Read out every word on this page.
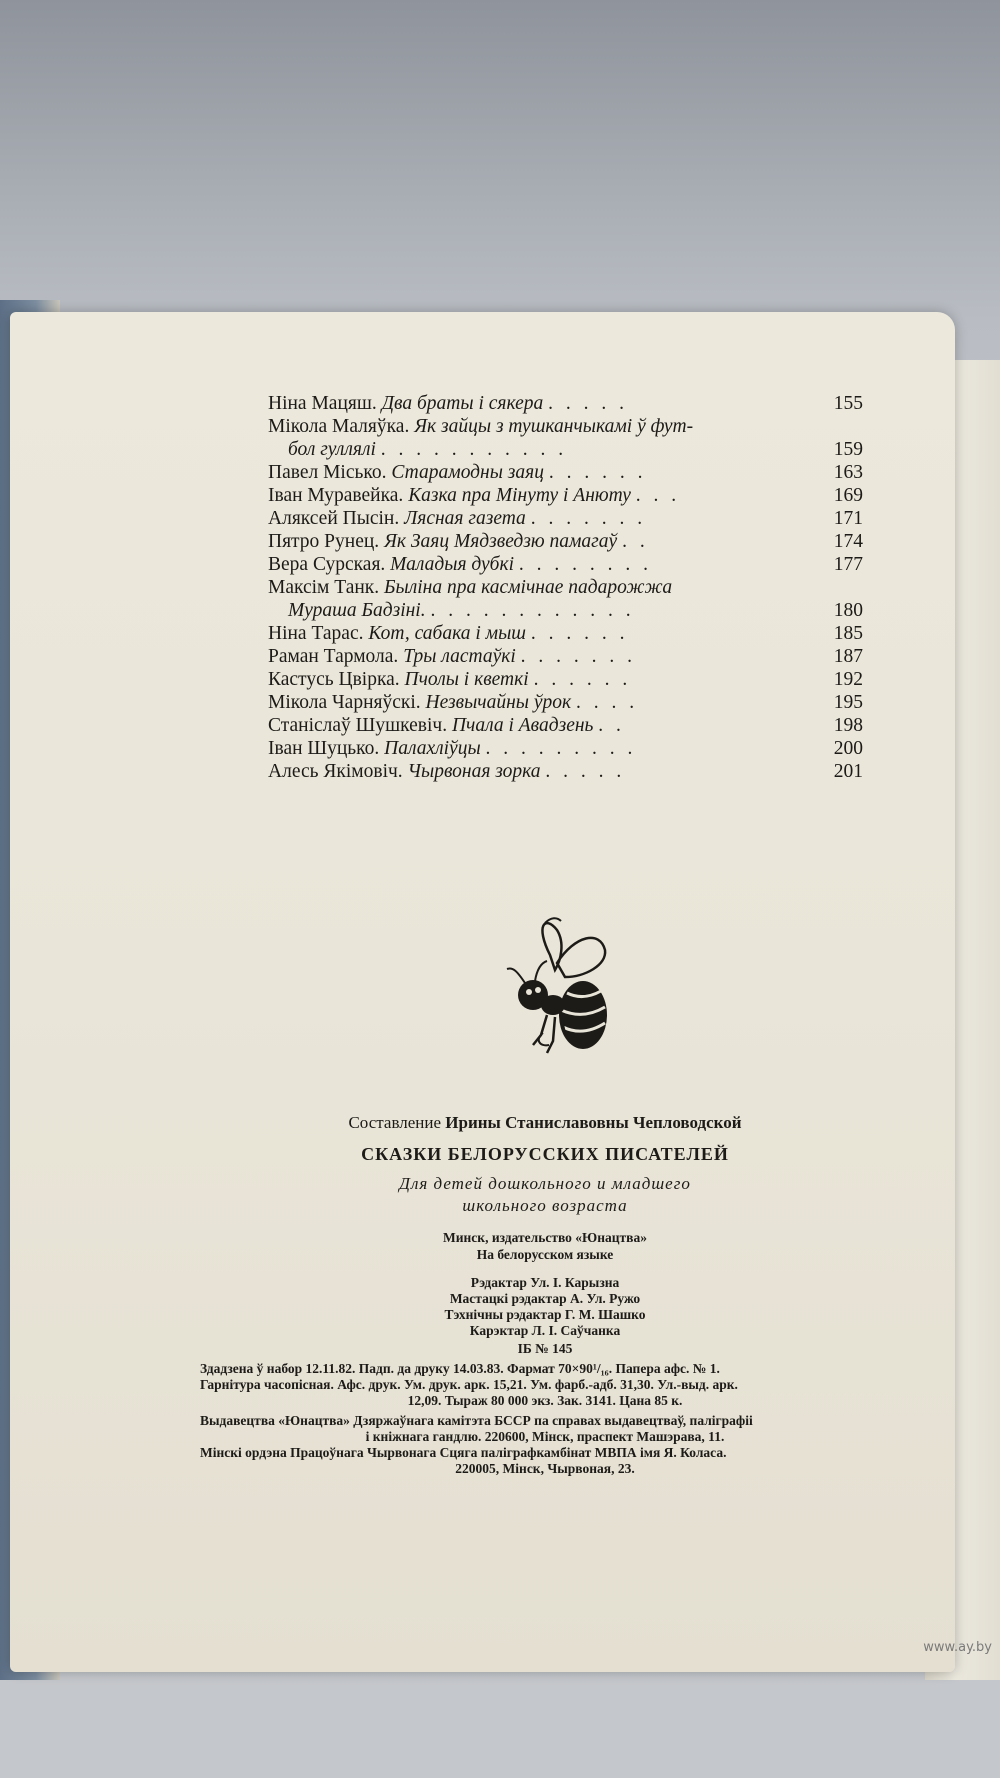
Ніна Мацяш. Два браты і сякера . . . . .	155
Мікола Маляўка. Як зайцы з тушканчыкамі ў фут-
бол гуллялі . . . . . . . . . . .	159
Павел Місько. Старамодны заяц . . . . . .	163
Іван Муравейка. Казка пра Мінуту і Анюту . . .	169
Аляксей Пысін. Лясная газета . . . . . . .	171
Пятро Рунец. Як Заяц Мядзведзю памагаў . .	174
Вера Сурская. Маладыя дубкі . . . . . . . .	177
Максім Танк. Быліна пра касмічнае падарожжа
Мураша Бадзіні. . . . . . . . . . . . .	180
Ніна Тарас. Кот, сабака і мыш . . . . . .	185
Раман Тармола. Тры ластаўкі . . . . . . .	187
Кастусь Цвірка. Пчолы і кветкі . . . . . .	192
Мікола Чарняўскі. Незвычайны ўрок . . . .	195
Станіслаў Шушкевіч. Пчала і Авадзень . .	198
Іван Шуцько. Палахліўцы . . . . . . . . .	200
Алесь Якімовіч. Чырвоная зорка . . . . .	201
Составление Ирины Станиславовны Чепловодской
СКАЗКИ БЕЛОРУССКИХ ПИСАТЕЛЕЙ
Для детей дошкольного и младшего
школьного возраста
Минск, издательство «Юнацтва»
На белорусском языке
Рэдактар Ул. І. Карызна
Мастацкі рэдактар А. Ул. Ружо
Тэхнічны рэдактар Г. М. Шашко
Карэктар Л. І. Саўчанка
ІБ № 145
Здадзена ў набор 12.11.82. Падп. да друку 14.03.83. Фармат 70×90¹/₁₆. Папера афс. № 1.
Гарнітура часопісная. Афс. друк. Ум. друк. арк. 15,21. Ум. фарб.-адб. 31,30. Ул.-выд. арк.
12,09. Тыраж 80 000 экз. Зак. 3141. Цана 85 к.
Выдавецтва «Юнацтва» Дзяржаўнага камітэта БССР па справах выдавецтваў, паліграфіі
і кніжнага гандлю. 220600, Мінск, праспект Машэрава, 11.
Мінскі ордэна Працоўнага Чырвонага Сцяга паліграфкамбінат МВПА імя Я. Коласа.
220005, Мінск, Чырвоная, 23.
www.ay.by
